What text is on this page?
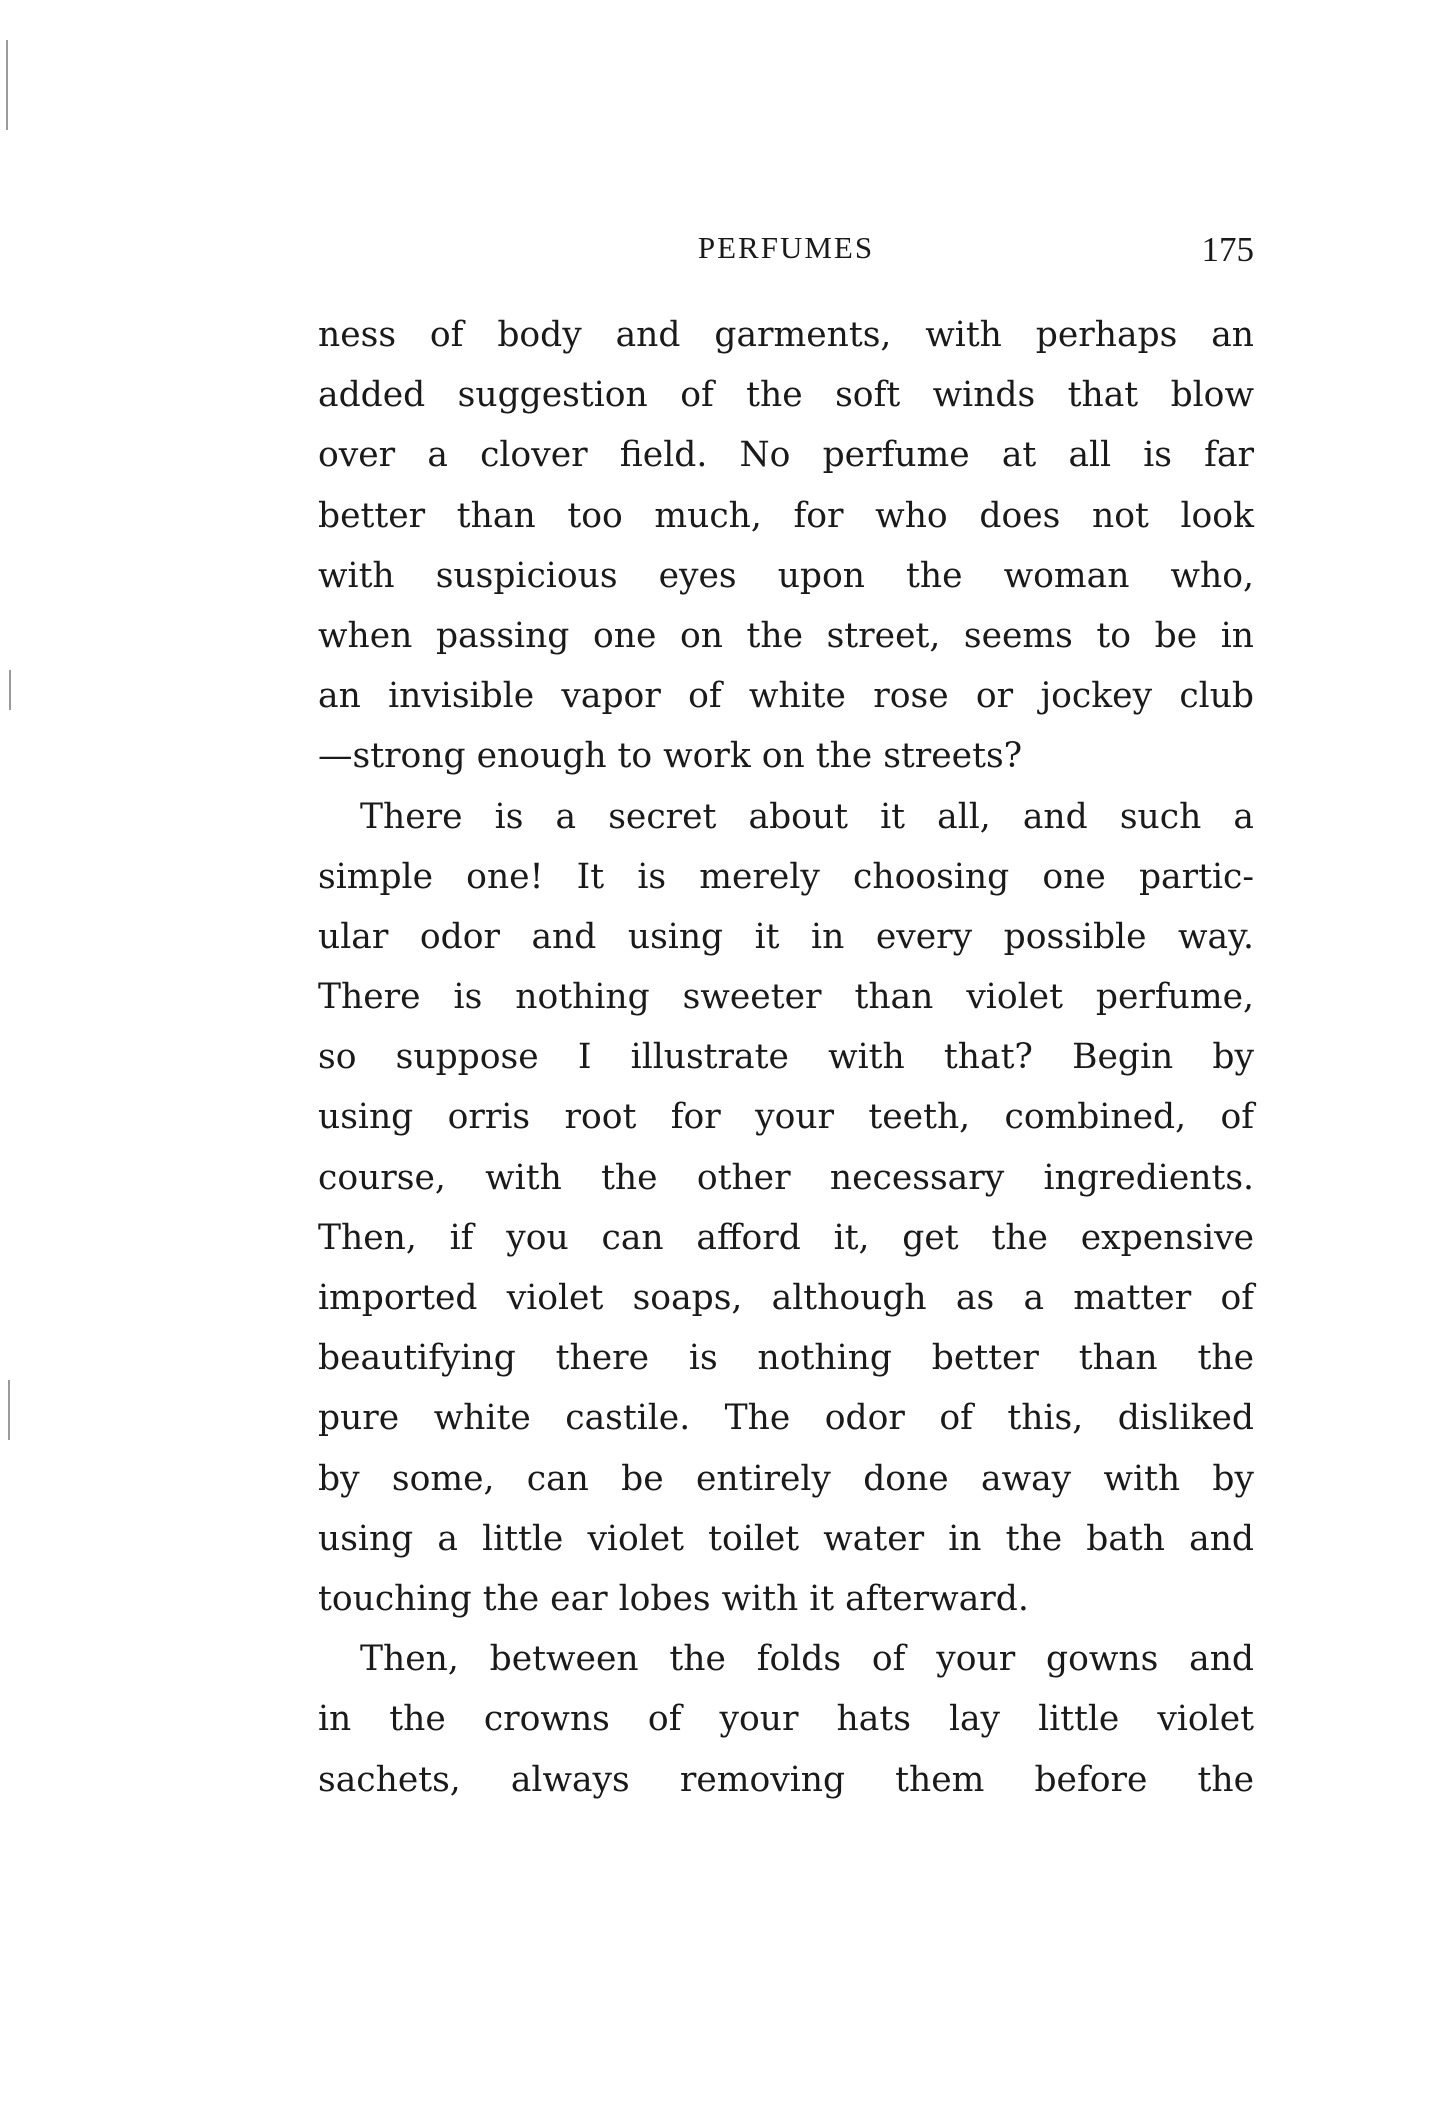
PERFUMES	175
ness of body and garments, with perhaps an
added suggestion of the soft winds that blow
over a clover field. No perfume at all is far
better than too much, for who does not look
with suspicious eyes upon the woman who,
when passing one on the street, seems to be in
an invisible vapor of white rose or jockey club
—strong enough to work on the streets?
There is a secret about it all, and such a
simple one! It is merely choosing one partic-
ular odor and using it in every possible way.
There is nothing sweeter than violet perfume,
so suppose I illustrate with that? Begin by
using orris root for your teeth, combined, of
course, with the other necessary ingredients.
Then, if you can afford it, get the expensive
imported violet soaps, although as a matter of
beautifying there is nothing better than the
pure white castile. The odor of this, disliked
by some, can be entirely done away with by
using a little violet toilet water in the bath and
touching the ear lobes with it afterward.
Then, between the folds of your gowns and
in the crowns of your hats lay little violet
sachets, always removing them before the
